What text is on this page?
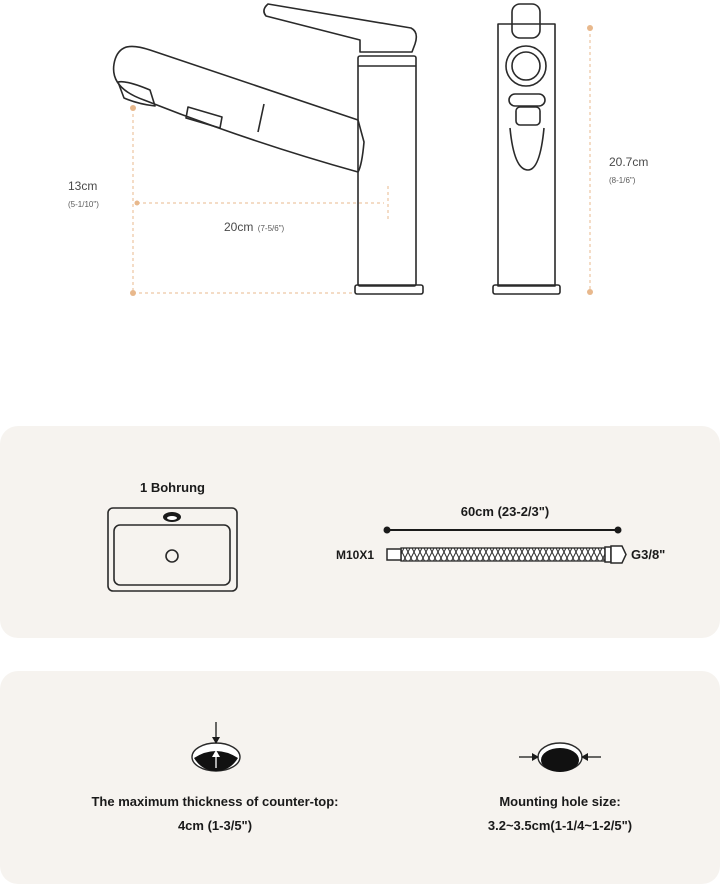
13cm
(5-1/10")
20cm (7-5/6")
20.7cm
(8-1/6")
1 Bohrung
60cm (23-2/3")
M10X1	G3/8"
The maximum thickness of counter-top:
4cm (1-3/5")
Mounting hole size:
3.2~3.5cm(1-1/4~1-2/5")
